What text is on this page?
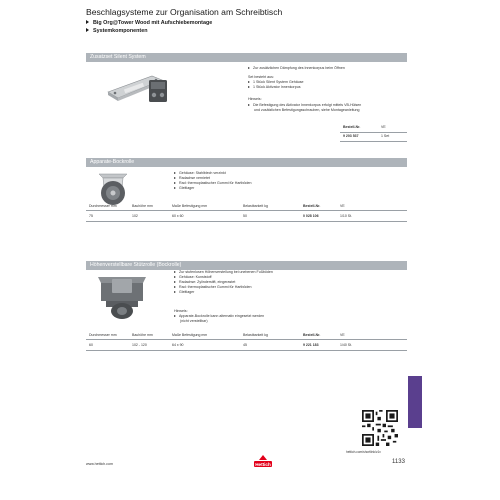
Beschlagsysteme zur Organisation am Schreibtisch
Big Org@Tower Wood mit Aufschiebemontage
Systemkomponenten
Zusatzset Silent System
Zur zusätzlichen Dämpfung des Innenkorpus beim Öffnen
Set besteht aus:
1 Stück Silent System Gehäuse
1 Stück Aktivator Innenkorpus
Hinweis:
Die Befestigung des Aktivator Innenkorpus erfolgt mittels VB-Hülsen
und zusätzlichen Befestigungsschrauben, siehe Montageanleitung
Bestell-Nr.	VE
9 203 537	1 Set
Apparate-Bockrolle
Gehäuse: Stahlblech verzinkt
Radachse vernietet
Rad: thermoplastischer Gummi für Hartböden
Gleitlager
Durchmesser mm	Bauhöhe mm	Maße Befestigung mm	Belastbarkeit kg	Bestell-Nr.	VE
75	102	60 x 60	50	0 028 106	1/10 St.
Höhenverstellbare Stützrolle (Bockrolle)
Zur stufenlosen Höhenverstellung bei unebenen Fußböden
Gehäuse: Kunststoff
Radachse: Zylinderstift, eingerastet
Rad: thermoplastischer Gummi für Hartböden
Gleitlager
Hinweis:
Apparate-Bockrolle kann alternativ eingesetzt werden
(nicht verstellbar)
Durchmesser mm	Bauhöhe mm	Maße Befestigung mm	Belastbarkeit kg	Bestell-Nr.	VE
60	102 - 120	64 x 90	45	9 221 183	1/40 St.
hettich.com/shortlink/z1v
www.hettich.com	Hettich	1133
